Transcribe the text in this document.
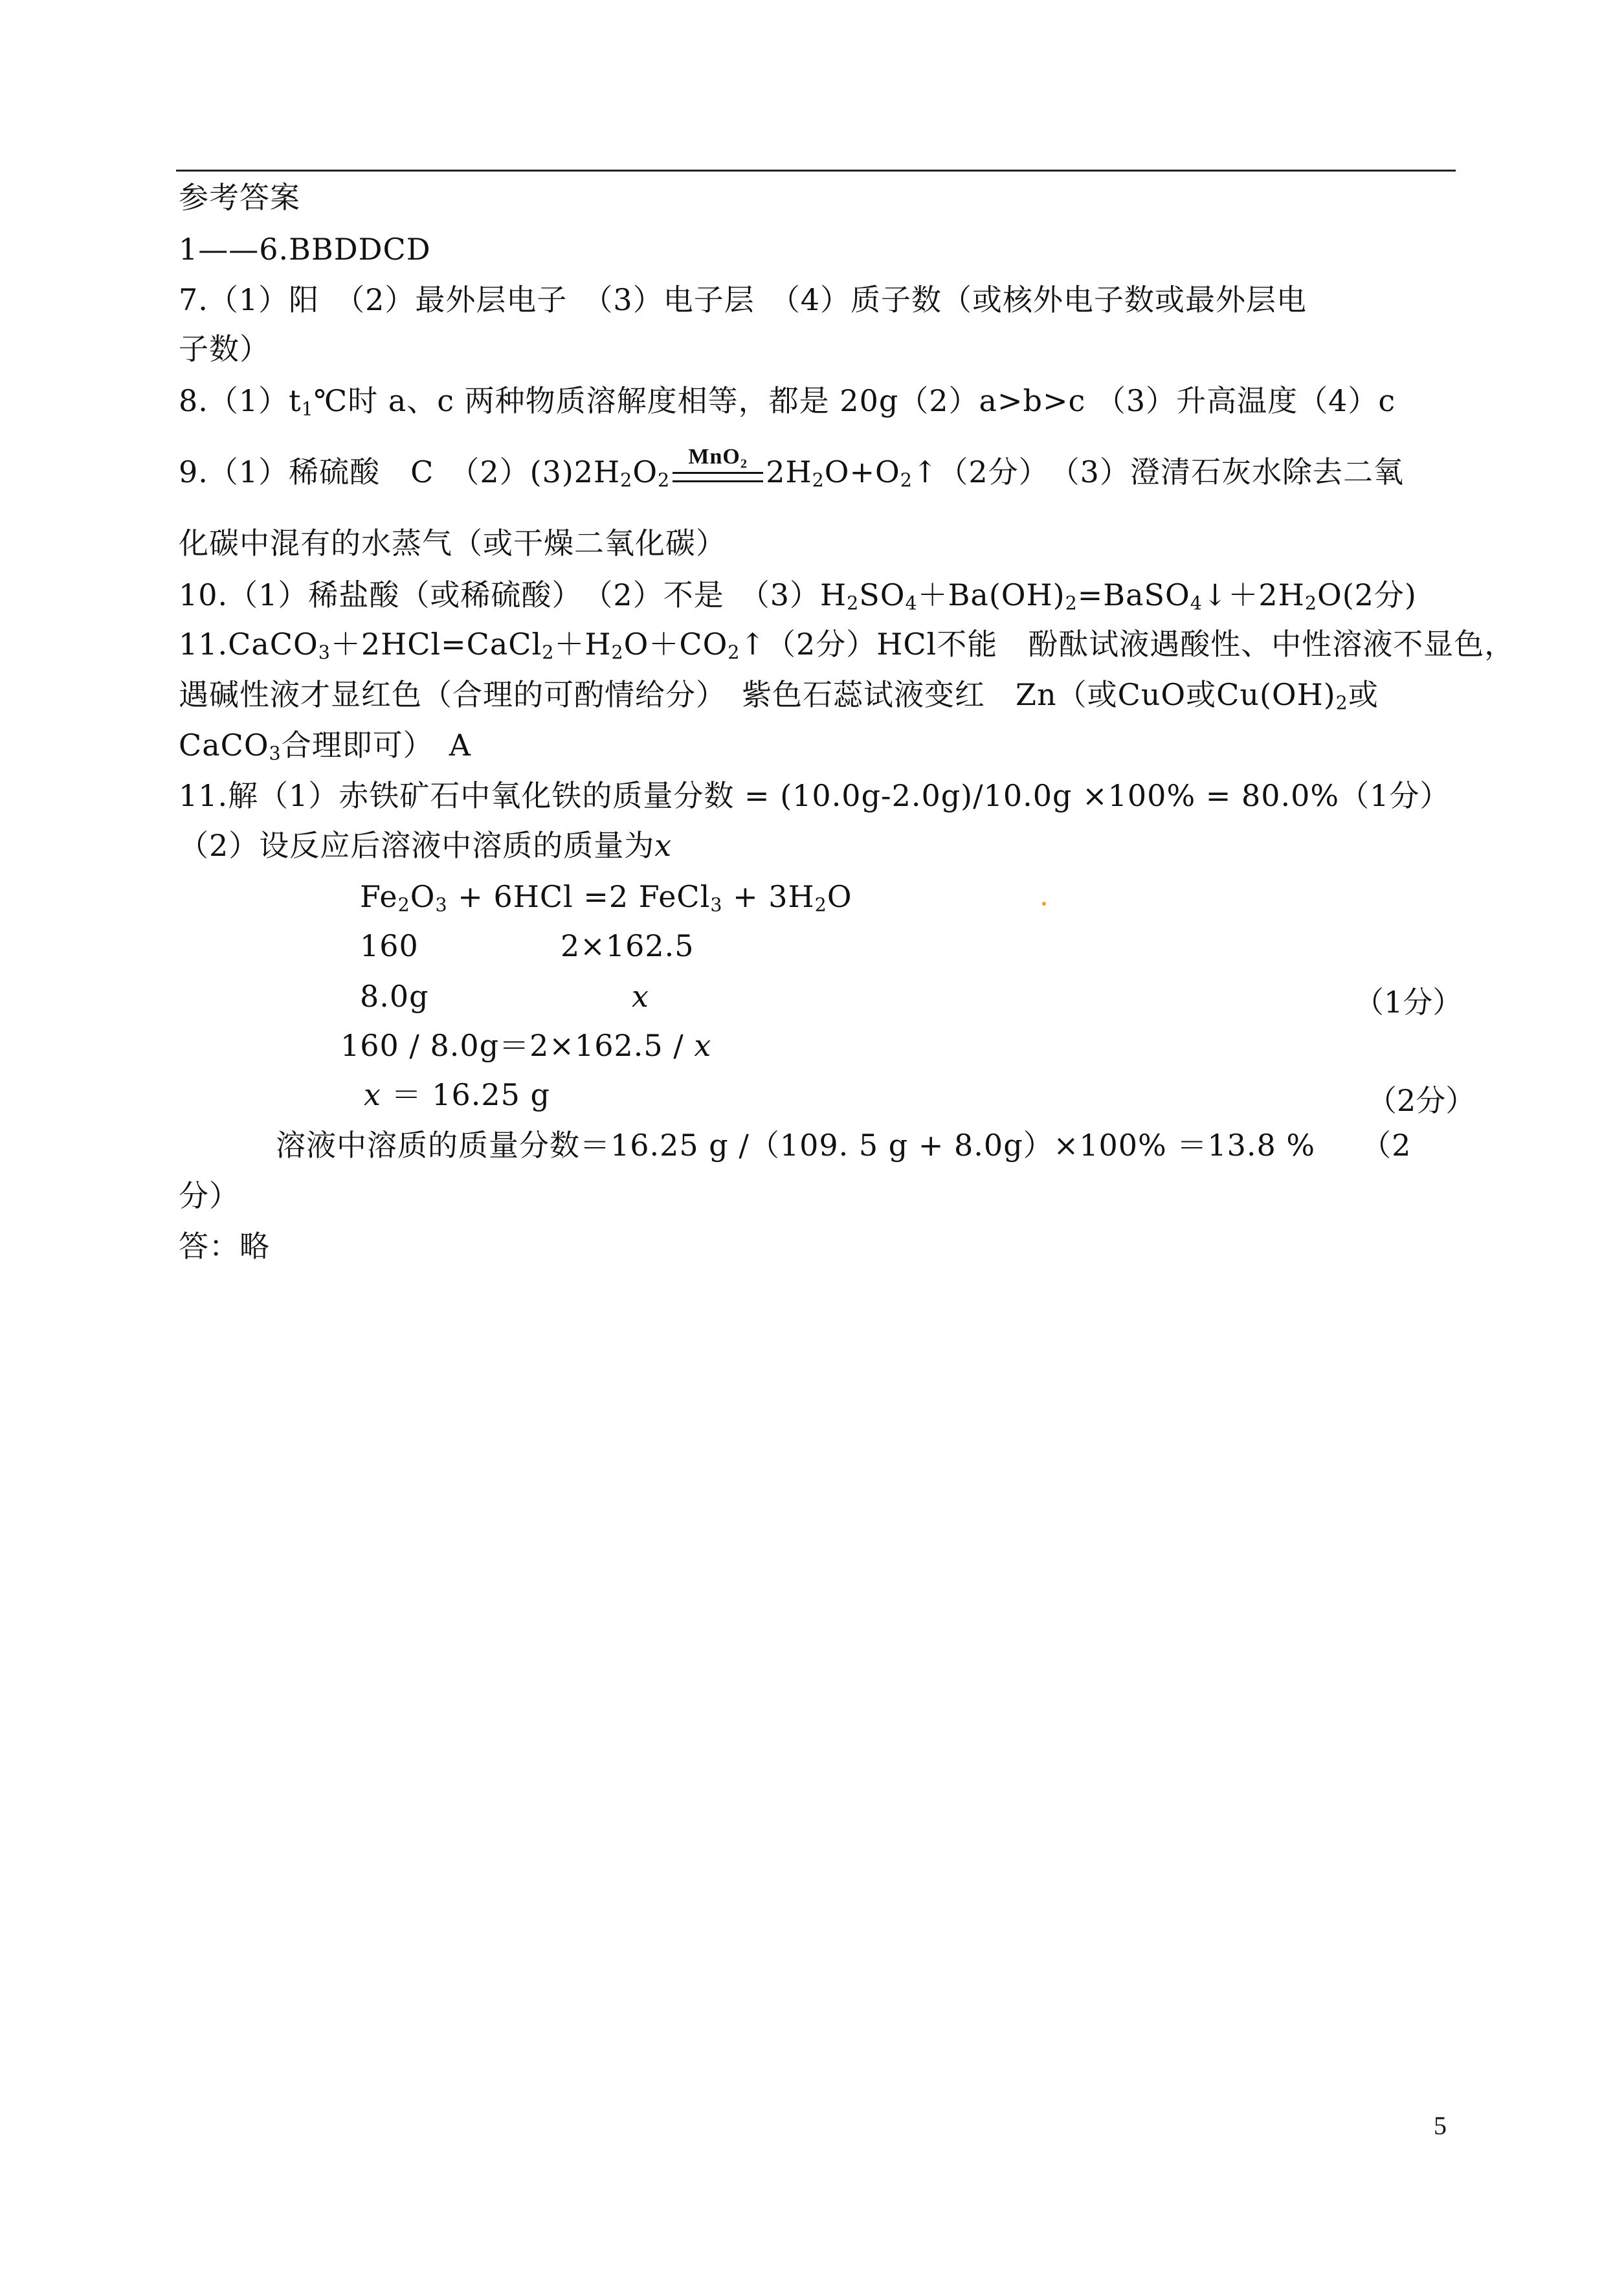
参考答案
1——6.BBDDCD
7.（1）阳　（2）最外层电子　（3）电子层　（4）质子数（或核外电子数或最外层电
子数）
$8.(1)t_1℃$时 a、c 两种物质溶解度相等，都是 20g（2）a>b>c （3）升高温度（4）c
9.（1）稀硫酸　C　$(2)(3)2H_2O_2$
MnO₂ $2H_2O+O_2↑(2$分）　（3）澄清石灰水除去二氧
化碳中混有的水蒸气（或干燥二氧化碳）
10.（1）稀盐酸（或稀硫酸）　（2）不是　$(3)H_2SO_4+Ba(OH)_2=BaSO_4↓+2H_2O(2$分)
$11.CaCO_3+2HCl=CaCl_2+H_2O+CO_2↑(2$分）HCl不能　酚酞试液遇酸性、中性溶液不显色，
遇碱性液才显红色（合理的可酌情给分）　紫色石蕊试液变红　Zn（或CuO或$Cu(OH)_2$或
CaCO$_3$合理即可）　A
11.解（1）赤铁矿石中氧化铁的质量分数 = (10.0g-2.0g)/10.0g ×100% = 80.0%（1分）
（2）设反应后溶液中溶质的质量为x
$Fe_2O_3 + 6HCl =2$ FeCl$_3$ + $3H_2O$
160	2×162.5
8.0g	x	（1分）
160 / 8.0g＝2×162.5 / x
x ＝ 16.25 g	（2分）
溶液中溶质的质量分数＝16.25 g /（109. 5 g + 8.0g）×100% ＝13.8 %　　（2
分）
答：略
5
